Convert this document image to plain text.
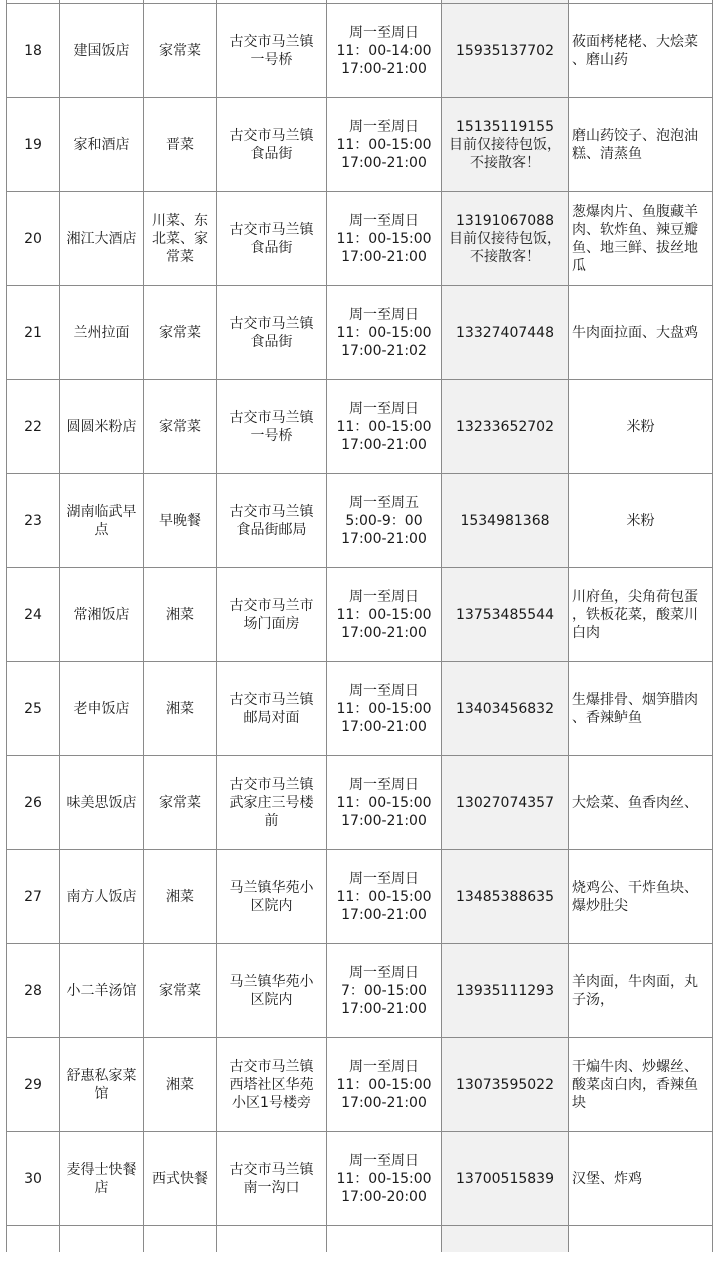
18	建国饭店	家常菜	古交市马兰镇
一号桥	周一至周日
11：00-14:00
17:00-21:00	15935137702	莜面栲栳栳、大烩菜
、磨山药
19	家和酒店	晋菜	古交市马兰镇
食品街	周一至周日
11：00-15:00
17:00-21:00	15135119155
目前仅接待包饭，
不接散客！	磨山药饺子、泡泡油
糕、清蒸鱼
20	湘江大酒店	川菜、东
北菜、家
常菜	古交市马兰镇
食品街	周一至周日
11：00-15:00
17:00-21:00	13191067088
目前仅接待包饭，
不接散客！	葱爆肉片、鱼腹藏羊
肉、软炸鱼、辣豆瓣
鱼、地三鲜、拔丝地
瓜
21	兰州拉面	家常菜	古交市马兰镇
食品街	周一至周日
11：00-15:00
17:00-21:02	13327407448	牛肉面拉面、大盘鸡
22	圆圆米粉店	家常菜	古交市马兰镇
一号桥	周一至周日
11：00-15:00
17:00-21:00	13233652702	米粉
23	湖南临武早
点	早晚餐	古交市马兰镇
食品街邮局	周一至周五
5:00-9：00
17:00-21:00	1534981368	米粉
24	常湘饭店	湘菜	古交市马兰市
场门面房	周一至周日
11：00-15:00
17:00-21:00	13753485544	川府鱼，尖角荷包蛋
，铁板花菜，酸菜川
白肉
25	老申饭店	湘菜	古交市马兰镇
邮局对面	周一至周日
11：00-15:00
17:00-21:00	13403456832	生爆排骨、烟笋腊肉
、香辣鲈鱼
26	味美思饭店	家常菜	古交市马兰镇
武家庄三号楼
前	周一至周日
11：00-15:00
17:00-21:00	13027074357	大烩菜、鱼香肉丝、
27	南方人饭店	湘菜	马兰镇华苑小
区院内	周一至周日
11：00-15:00
17:00-21:00	13485388635	烧鸡公、干炸鱼块、
爆炒肚尖
28	小二羊汤馆	家常菜	马兰镇华苑小
区院内	周一至周日
7：00-15:00
17:00-21:00	13935111293	羊肉面，牛肉面，丸
子汤，
29	舒惠私家菜
馆	湘菜	古交市马兰镇
西塔社区华苑
小区1号楼旁	周一至周日
11：00-15:00
17:00-21:00	13073595022	干煸牛肉、炒螺丝、
酸菜卤白肉，香辣鱼
块
30	麦得士快餐
店	西式快餐	古交市马兰镇
南一沟口	周一至周日
11：00-15:00
17:00-20:00	13700515839	汉堡、炸鸡
